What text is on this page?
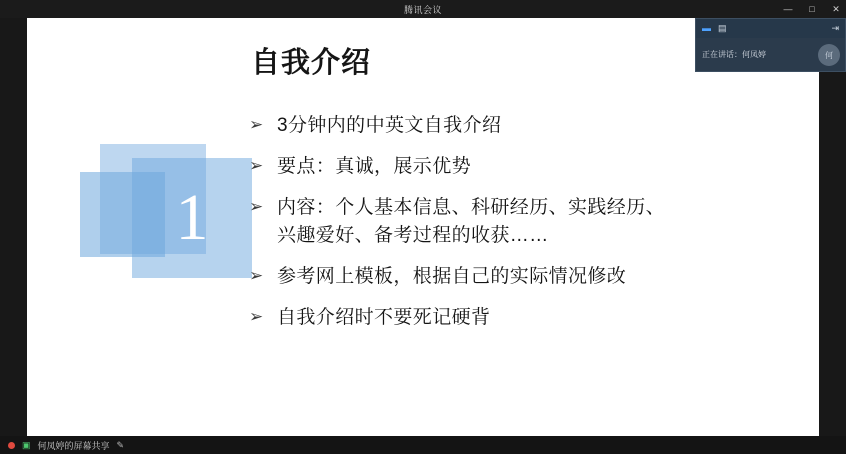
腾讯会议	—	□	✕
自我介绍
1
➢ 3分钟内的中英文自我介绍
➢ 要点：真诚，展示优势
➢ 内容：个人基本信息、科研经历、实践经历、
兴趣爱好、备考过程的收获……
➢ 参考网上模板，根据自己的实际情况修改
➢ 自我介绍时不要死记硬背
▬ ▤	⇥
正在讲话：何凤婷	何
▣ 何凤婷的屏幕共享 ✎
